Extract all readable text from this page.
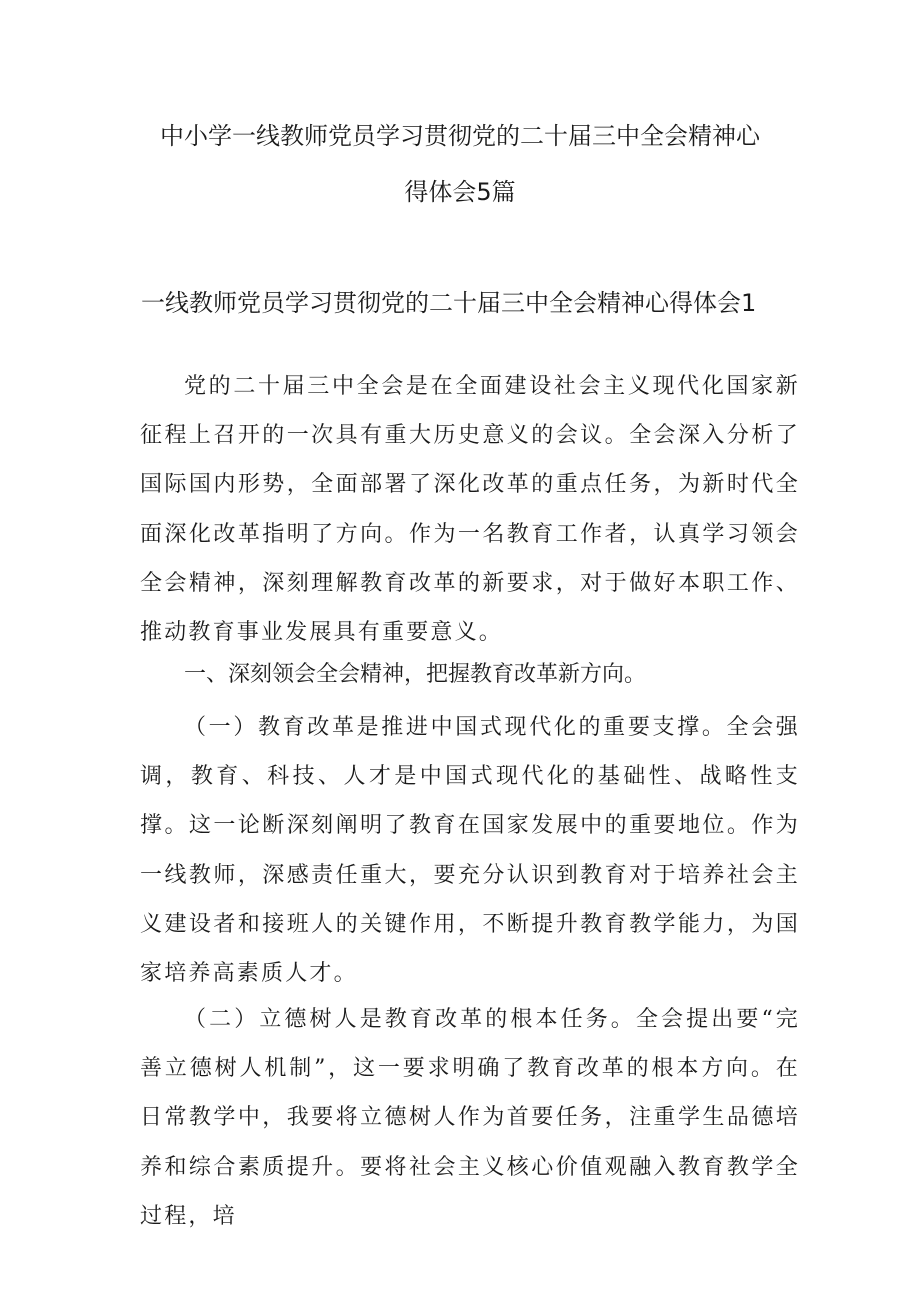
中小学一线教师党员学习贯彻党的二十届三中全会精神心
得体会5篇
一线教师党员学习贯彻党的二十届三中全会精神心得体会1

党的二十届三中全会是在全面建设社会主义现代化国家新征程上召开的一次具有重大历史意义的会议。全会深入分析了国际国内形势，全面部署了深化改革的重点任务，为新时代全面深化改革指明了方向。作为一名教育工作者，认真学习领会全会精神，深刻理解教育改革的新要求，对于做好本职工作、推动教育事业发展具有重要意义。

一、深刻领会全会精神，把握教育改革新方向。

（一）教育改革是推进中国式现代化的重要支撑。全会强调，教育、科技、人才是中国式现代化的基础性、战略性支撑。这一论断深刻阐明了教育在国家发展中的重要地位。作为一线教师，深感责任重大，要充分认识到教育对于培养社会主义建设者和接班人的关键作用，不断提升教育教学能力，为国家培养高素质人才。

（二）立德树人是教育改革的根本任务。全会提出要“完善立德树人机制”，这一要求明确了教育改革的根本方向。在日常教学中，我要将立德树人作为首要任务，注重学生品德培养和综合素质提升。要将社会主义核心价值观融入教育教学全过程，培
